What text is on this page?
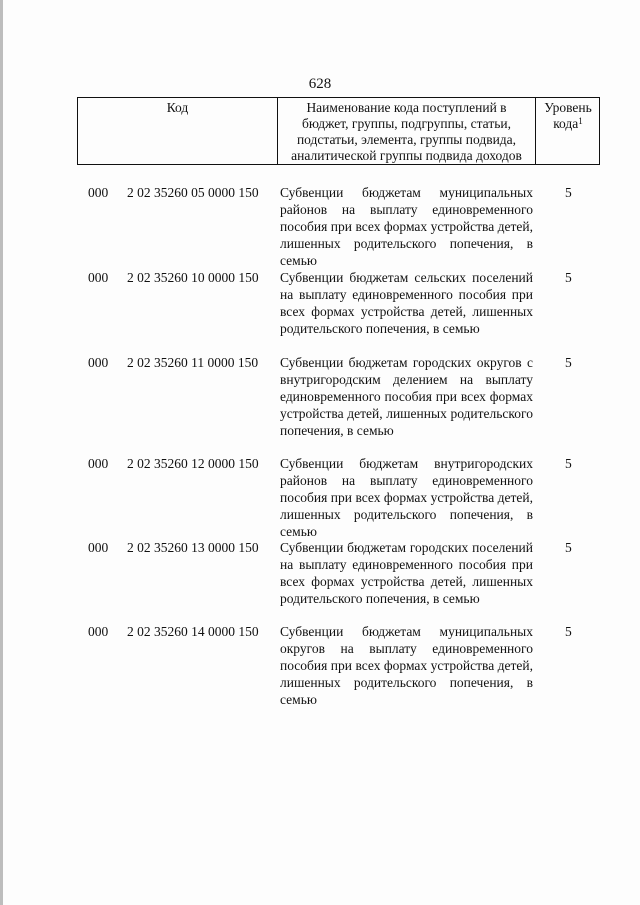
628
Код	Наименование кода поступлений в
бюджет, группы, подгруппы, статьи,
подстатьи, элемента, группы подвида,
аналитической группы подвида доходов
Уровень
кода$^1$
000 2 02 35260 05 0000 150 Субвенции бюджетам муниципальных районов на выплату единовременного пособия при всех формах устройства детей, лишенных родительского попечения, в семью
5
000 2 02 35260 10 0000 150 Субвенции бюджетам сельских поселений на выплату единовременного пособия при всех формах устройства детей, лишенных родительского попечения, в семью
5
000 2 02 35260 11 0000 150 Субвенции бюджетам городских округов с внутригородским делением на выплату единовременного пособия при всех формах устройства детей, лишенных родительского попечения, в семью
5
000 2 02 35260 12 0000 150 Субвенции бюджетам внутригородских районов на выплату единовременного пособия при всех формах устройства детей, лишенных родительского попечения, в семью
5
000 2 02 35260 13 0000 150 Субвенции бюджетам городских поселений на выплату единовременного пособия при всех формах устройства детей, лишенных родительского попечения, в семью
5
000 2 02 35260 14 0000 150 Субвенции бюджетам муниципальных округов на выплату единовременного пособия при всех формах устройства детей, лишенных родительского попечения, в семью
5
